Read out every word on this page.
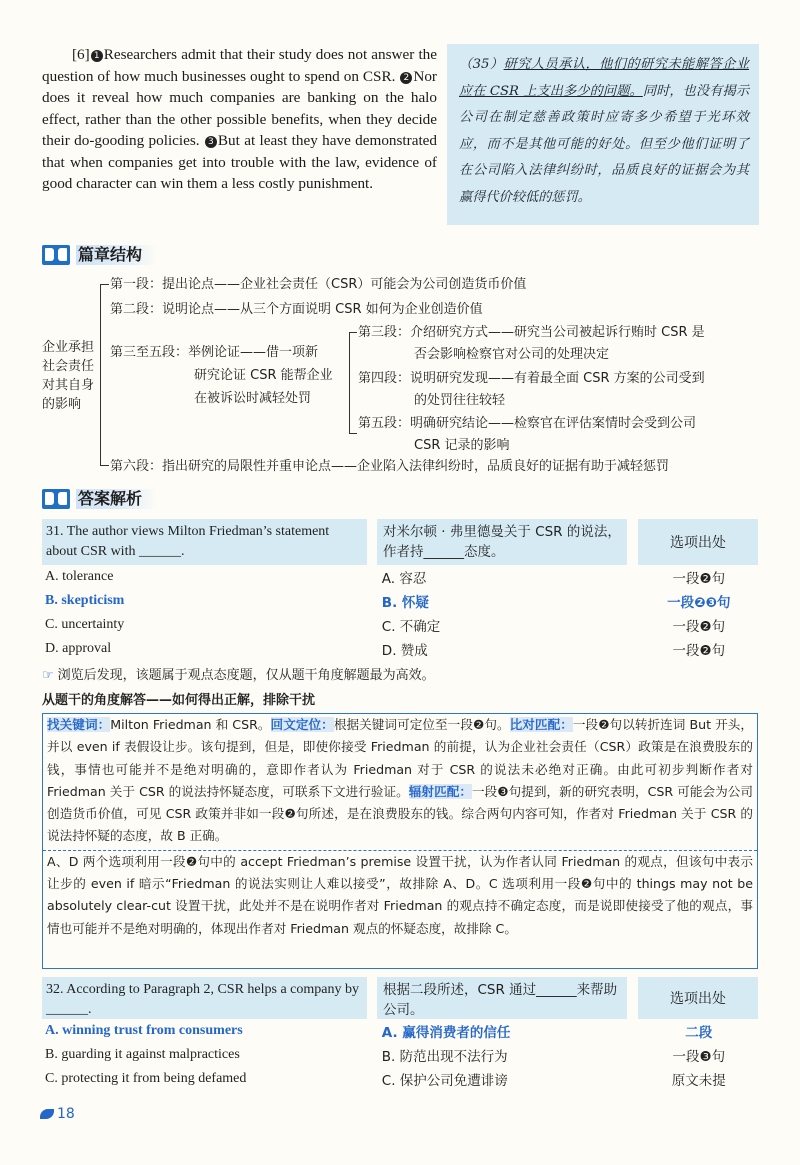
[6] 1 Researchers admit that their study does not answer the question of how much businesses ought to spend on CSR. 2 Nor does it reveal how much companies are banking on the halo effect, rather than the other possible benefits, when they decide their do-gooding policies. 3 But at least they have demonstrated that when companies get into trouble with the law, evidence of good character can win them a less costly punishment.
（35）研究人员承认，他们的研究未能解答企业应在 CSR 上支出多少的问题。同时，也没有揭示公司在制定慈善政策时应寄多少希望于光环效应，而不是其他可能的好处。但至少他们证明了在公司陷入法律纠纷时，品质良好的证据会为其赢得代价较低的惩罚。
篇章结构
企业承担社会责任对其自身的影响
第一段：提出论点——企业社会责任（CSR）可能会为公司创造货币价值
第二段：说明论点——从三个方面说明 CSR 如何为企业创造价值
第三至五段：举例论证——借一项新
研究论证 CSR 能帮企业
在被诉讼时减轻处罚
第三段：介绍研究方式——研究当公司被起诉行贿时 CSR 是
否会影响检察官对公司的处理决定
第四段：说明研究发现——有着最全面 CSR 方案的公司受到
的处罚往往较轻
第五段：明确研究结论——检察官在评估案情时会受到公司
CSR 记录的影响
第六段：指出研究的局限性并重申论点——企业陷入法律纠纷时，品质良好的证据有助于减轻惩罚
答案解析
31. The author views Milton Friedman’s statement about CSR with ______.
对米尔顿 · 弗里德曼关于 CSR 的说法，作者持______态度。
选项出处
A. tolerance	A. 容忍	一段❷句
B. skepticism	B. 怀疑	一段❷❸句
C. uncertainty	C. 不确定	一段❷句
D. approval	D. 赞成	一段❷句
☞ 浏览后发现，该题属于观点态度题，仅从题干角度解题最为高效。
从题干的角度解答——如何得出正解，排除干扰
找关键词：Milton Friedman 和 CSR。回文定位：根据关键词可定位至一段❷句。比对匹配：一段❷句以转折连词 But 开头，并以 even if 表假设让步。该句提到，但是，即使你接受 Friedman 的前提，认为企业社会责任（CSR）政策是在浪费股东的钱，事情也可能并不是绝对明确的，意即作者认为 Friedman 对于 CSR 的说法未必绝对正确。由此可初步判断作者对 Friedman 关于 CSR 的说法持怀疑态度，可联系下文进行验证。辐射匹配：一段❸句提到，新的研究表明，CSR 可能会为公司创造货币价值，可见 CSR 政策并非如一段❷句所述，是在浪费股东的钱。综合两句内容可知，作者对 Friedman 关于 CSR 的说法持怀疑的态度，故 B 正确。
A、D 两个选项利用一段❷句中的 accept Friedman’s premise 设置干扰，认为作者认同 Friedman 的观点，但该句中表示让步的 even if 暗示“Friedman 的说法实则让人难以接受”，故排除 A、D。C 选项利用一段❷句中的 things may not be absolutely clear-cut 设置干扰，此处并不是在说明作者对 Friedman 的观点持不确定态度，而是说即使接受了他的观点，事情也可能并不是绝对明确的，体现出作者对 Friedman 观点的怀疑态度，故排除 C。
32. According to Paragraph 2, CSR helps a company by ______.
根据二段所述，CSR 通过______来帮助公司。
选项出处
A. winning trust from consumers	A. 赢得消费者的信任	二段
B. guarding it against malpractices	B. 防范出现不法行为	一段❸句
C. protecting it from being defamed	C. 保护公司免遭诽谤	原文未提
18
